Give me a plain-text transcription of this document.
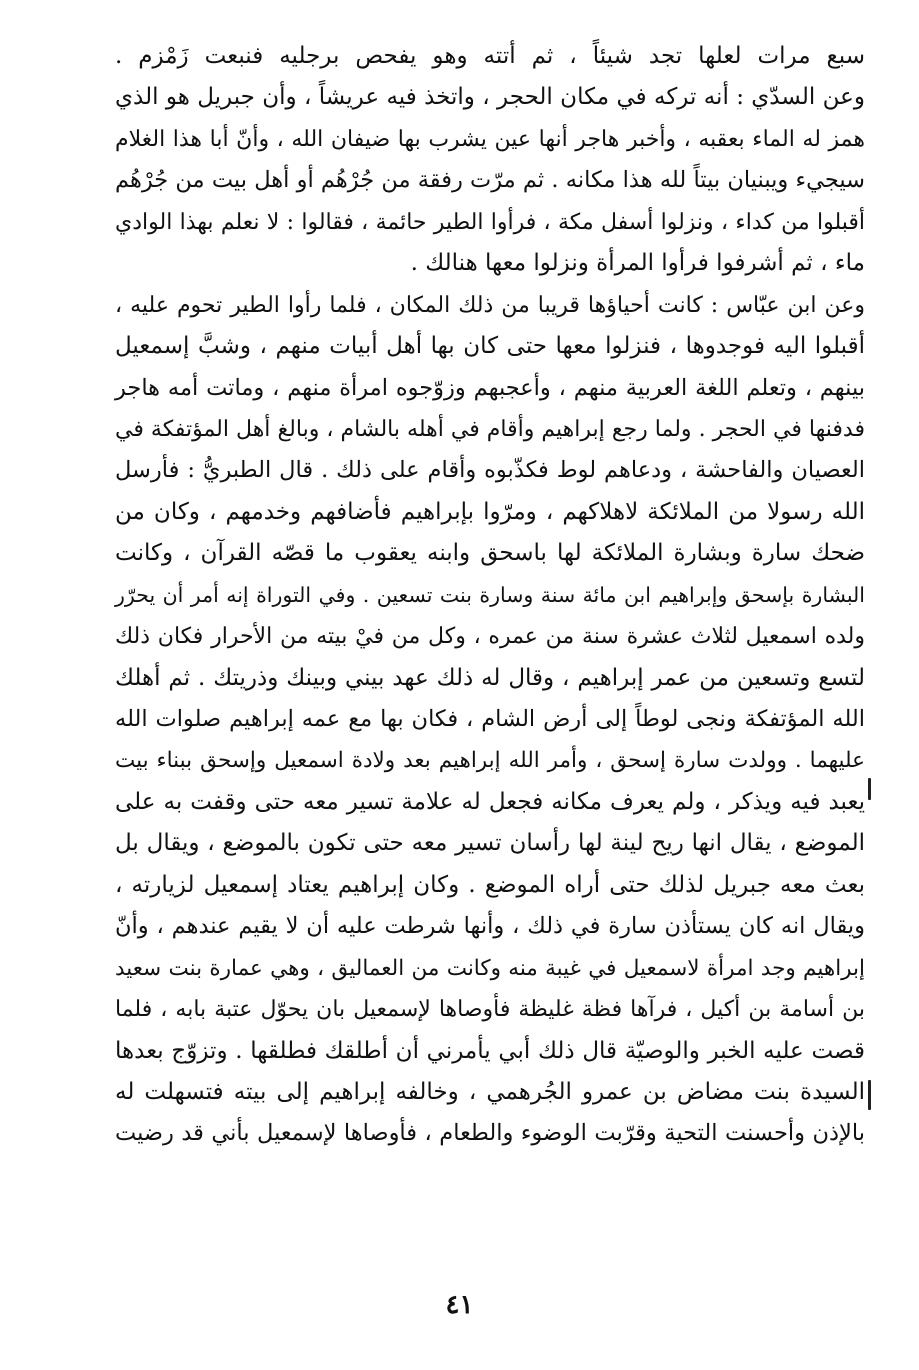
سبع مرات لعلها تجد شيئاً ، ثم أتته وهو يفحص برجليه فنبعت زَمْزم .
وعن السدّي : أنه تركه في مكان الحجر ، واتخذ فيه عريشاً ، وأن جبريل هو الذي
همز له الماء بعقبه ، وأخبر هاجر أنها عين يشرب بها ضيفان الله ، وأنّ أبا هذا الغلام
سيجيء ويبنيان بيتاً لله هذا مكانه . ثم مرّت رفقة من جُرْهُم أو أهل بيت من جُرْهُم
أقبلوا من كداء ، ونزلوا أسفل مكة ، فرأوا الطير حائمة ، فقالوا : لا نعلم بهذا الوادي
ماء ، ثم أشرفوا فرأوا المرأة ونزلوا معها هنالك .
وعن ابن عبّاس : كانت أحياؤها قريبا من ذلك المكان ، فلما رأوا الطير تحوم عليه ،
أقبلوا اليه فوجدوها ، فنزلوا معها حتى كان بها أهل أبيات منهم ، وشبَّ إسمعيل
بينهم ، وتعلم اللغة العربية منهم ، وأعجبهم وزوّجوه امرأة منهم ، وماتت أمه هاجر
فدفنها في الحجر . ولما رجع إبراهيم وأقام في أهله بالشام ، وبالغ أهل المؤتفكة في
العصيان والفاحشة ، ودعاهم لوط فكذّبوه وأقام على ذلك . قال الطبريُّ : فأرسل
الله رسولا من الملائكة لاهلاكهم ، ومرّوا بإبراهيم فأضافهم وخدمهم ، وكان من
ضحك سارة وبشارة الملائكة لها باسحق وابنه يعقوب ما قصّه القرآن ، وكانت
البشارة بإسحق وإبراهيم ابن مائة سنة وسارة بنت تسعين . وفي التوراة إنه أمر أن يحرّر
ولده اسمعيل لثلاث عشرة سنة من عمره ، وكل من فيْ بيته من الأحرار فكان ذلك
لتسع وتسعين من عمر إبراهيم ، وقال له ذلك عهد بيني وبينك وذريتك . ثم أهلك
الله المؤتفكة ونجى لوطاً إلى أرض الشام ، فكان بها مع عمه إبراهيم صلوات الله
عليهما . وولدت سارة إسحق ، وأمر الله إبراهيم بعد ولادة اسمعيل وإسحق ببناء بيت
يعبد فيه ويذكر ، ولم يعرف مكانه فجعل له علامة تسير معه حتى وقفت به على
الموضع ، يقال انها ريح لينة لها رأسان تسير معه حتى تكون بالموضع ، ويقال بل
بعث معه جبريل لذلك حتى أراه الموضع . وكان إبراهيم يعتاد إسمعيل لزيارته ،
ويقال انه كان يستأذن سارة في ذلك ، وأنها شرطت عليه أن لا يقيم عندهم ، وأنّ
إبراهيم وجد امرأة لاسمعيل في غيبة منه وكانت من العماليق ، وهي عمارة بنت سعيد
بن أسامة بن أكيل ، فرآها فظة غليظة فأوصاها لإسمعيل بان يحوّل عتبة بابه ، فلما
قصت عليه الخبر والوصيّة قال ذلك أبي يأمرني أن أطلقك فطلقها . وتزوّج بعدها
السيدة بنت مضاض بن عمرو الجُرهمي ، وخالفه إبراهيم إلى بيته فتسهلت له
بالإذن وأحسنت التحية وقرّبت الوضوء والطعام ، فأوصاها لإسمعيل بأني قد رضيت
٤١
